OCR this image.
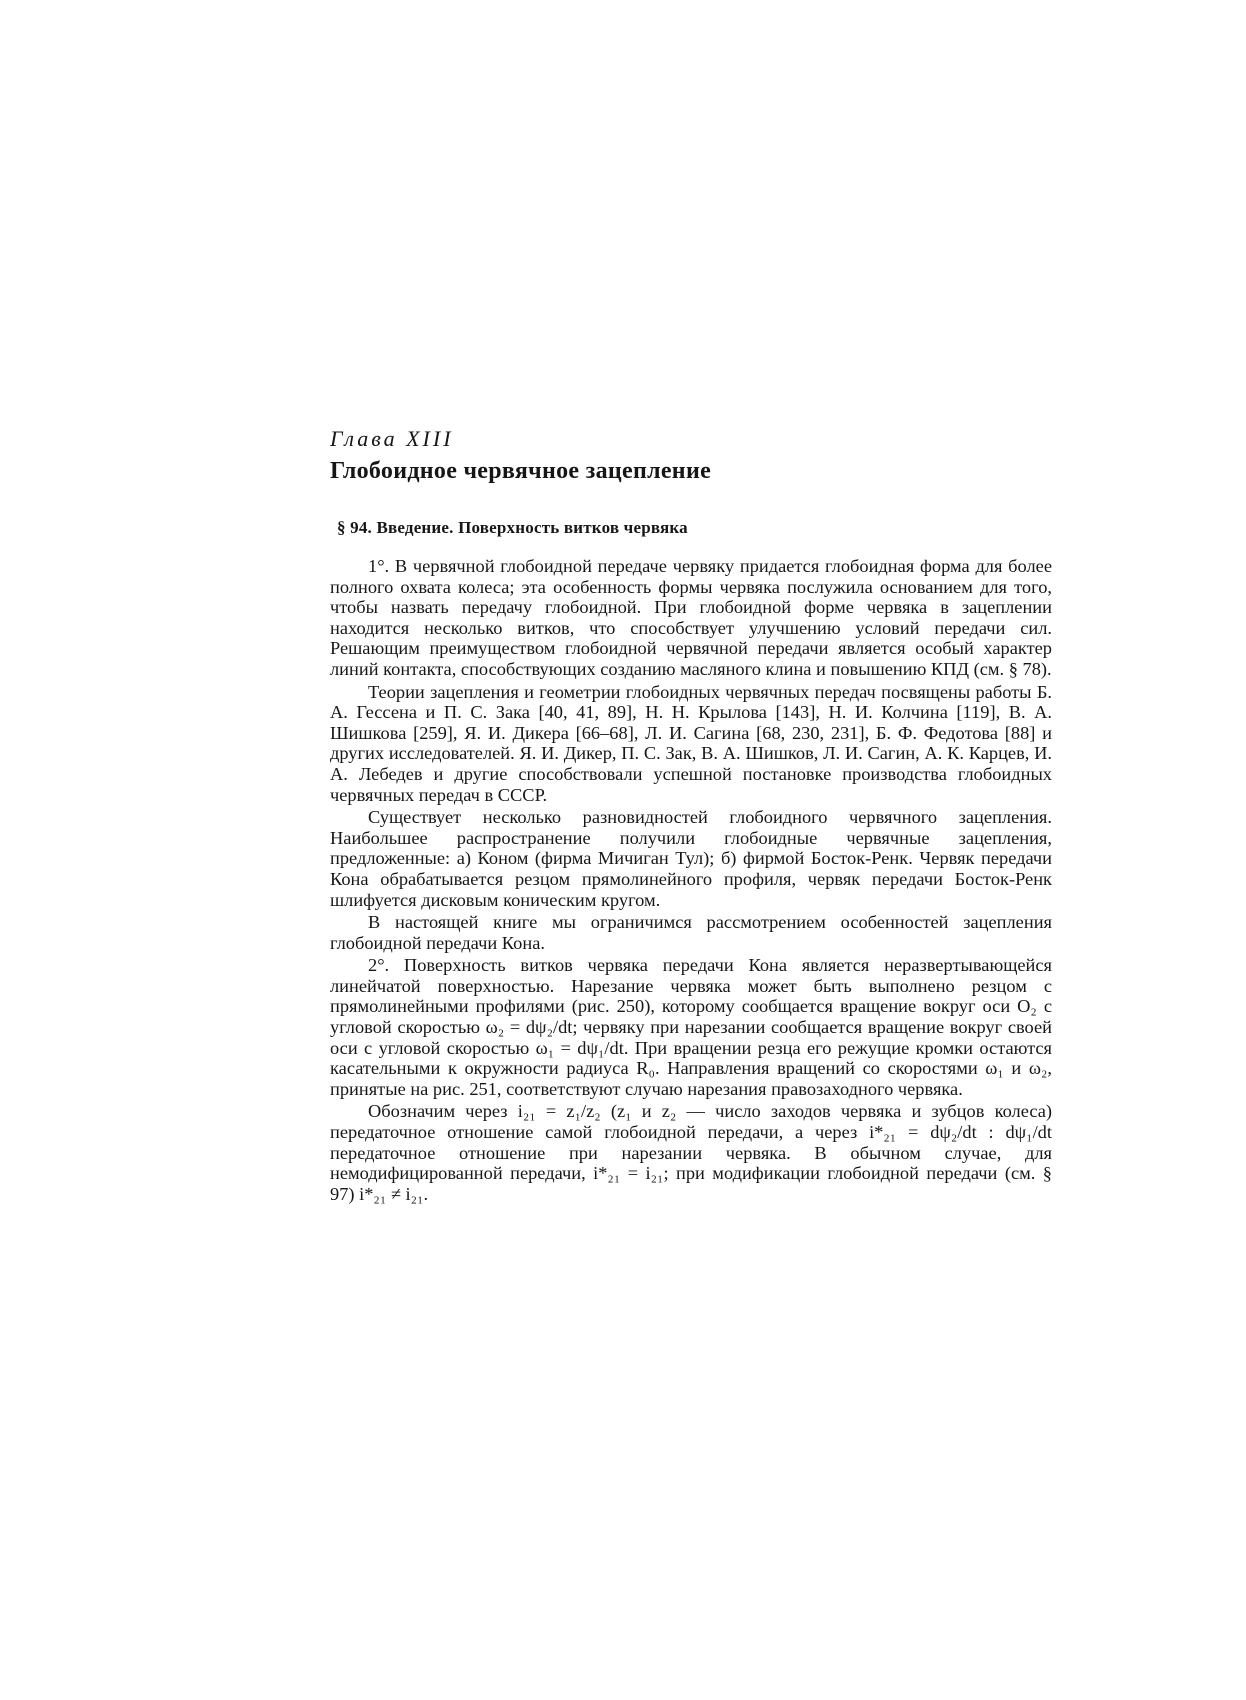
Глава XIII
Глобоидное червячное зацепление
§ 94. Введение. Поверхность витков червяка

1°. В червячной глобоидной передаче червяку придается глобоидная форма для более полного охвата колеса; эта особенность формы червяка послужила основанием для того, чтобы назвать передачу глобоидной. При глобоидной форме червяка в зацеплении находится несколько витков, что способствует улучшению условий передачи сил. Решающим преимуществом глобоидной червячной передачи является особый характер линий контакта, способствующих созданию масляного клина и повышению КПД (см. § 78).

Теории зацепления и геометрии глобоидных червячных передач посвящены работы Б. А. Гессена и П. С. Зака [40, 41, 89], Н. Н. Крылова [143], Н. И. Колчина [119], В. А. Шишкова [259], Я. И. Дикера [66–68], Л. И. Сагина [68, 230, 231], Б. Ф. Федотова [88] и других исследователей. Я. И. Дикер, П. С. Зак, В. А. Шишков, Л. И. Сагин, А. К. Карцев, И. А. Лебедев и другие способствовали успешной постановке производства глобоидных червячных передач в СССР.

Существует несколько разновидностей глобоидного червячного зацепления. Наибольшее распространение получили глобоидные червячные зацепления, предложенные: а) Коном (фирма Мичиган Тул); б) фирмой Босток-Ренк. Червяк передачи Кона обрабатывается резцом прямолинейного профиля, червяк передачи Босток-Ренк шлифуется дисковым коническим кругом.

В настоящей книге мы ограничимся рассмотрением особенностей зацепления глобоидной передачи Кона.

2°. Поверхность витков червяка передачи Кона является неразвертывающейся линейчатой поверхностью. Нарезание червяка может быть выполнено резцом с прямолинейными профилями (рис. 250), которому сообщается вращение вокруг оси O₂ с угловой скоростью ω₂ = dψ₂/dt; червяку при нарезании сообщается вращение вокруг своей оси с угловой скоростью ω₁ = dψ₁/dt. При вращении резца его режущие кромки остаются касательными к окружности радиуса R₀. Направления вращений со скоростями ω₁ и ω₂, принятые на рис. 251, соответствуют случаю нарезания правозаходного червяка.

Обозначим через i₂₁ = z₁/z₂ (z₁ и z₂ — число заходов червяка и зубцов колеса) передаточное отношение самой глобоидной передачи, а через i*₂₁ = dψ₂/dt : dψ₁/dt передаточное отношение при нарезании червяка. В обычном случае, для немодифицированной передачи, i*₂₁ = i₂₁; при модификации глобоидной передачи (см. § 97) i*₂₁ ≠ i₂₁.
